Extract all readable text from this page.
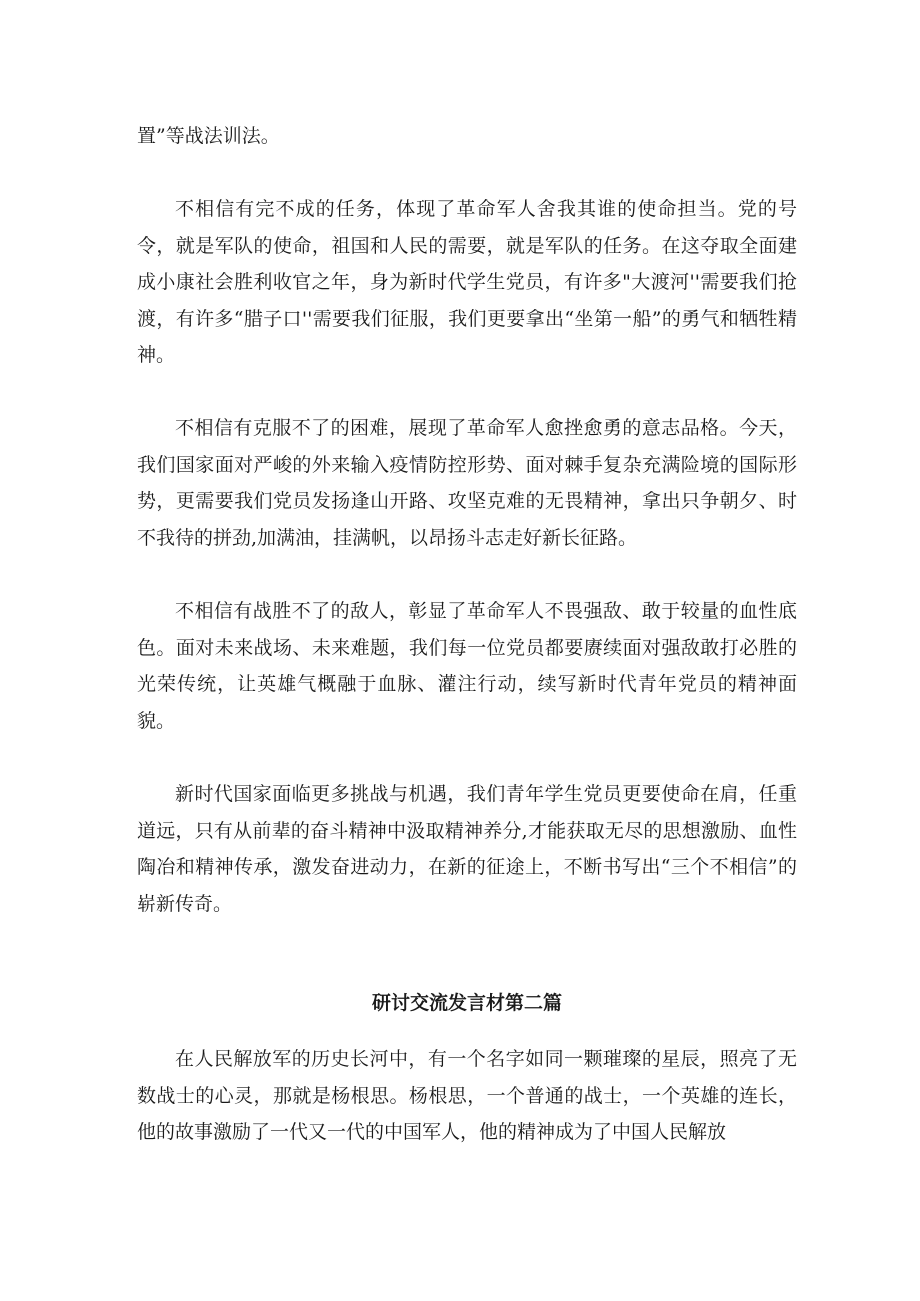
置”等战法训法。

不相信有完不成的任务，体现了革命军人舍我其谁的使命担当。党的号令，就是军队的使命，祖国和人民的需要，就是军队的任务。在这夺取全面建成小康社会胜利收官之年，身为新时代学生党员，有许多"大渡河''需要我们抢渡，有许多“腊子口''需要我们征服，我们更要拿出“坐第一船”的勇气和牺牲精神。

不相信有克服不了的困难，展现了革命军人愈挫愈勇的意志品格。今天，我们国家面对严峻的外来输入疫情防控形势、面对棘手复杂充满险境的国际形势，更需要我们党员发扬逢山开路、攻坚克难的无畏精神，拿出只争朝夕、时不我待的拼劲,加满油，挂满帆，以昂扬斗志走好新长征路。

不相信有战胜不了的敌人，彰显了革命军人不畏强敌、敢于较量的血性底色。面对未来战场、未来难题，我们每一位党员都要赓续面对强敌敢打必胜的光荣传统，让英雄气概融于血脉、灌注行动，续写新时代青年党员的精神面貌。

新时代国家面临更多挑战与机遇，我们青年学生党员更要使命在肩，任重道远，只有从前辈的奋斗精神中汲取精神养分,才能获取无尽的思想激励、血性陶冶和精神传承，激发奋进动力，在新的征途上，不断书写出“三个不相信”的崭新传奇。

研讨交流发言材第二篇

在人民解放军的历史长河中，有一个名字如同一颗璀璨的星辰，照亮了无数战士的心灵，那就是杨根思。杨根思，一个普通的战士，一个英雄的连长，他的故事激励了一代又一代的中国军人，他的精神成为了中国人民解放
